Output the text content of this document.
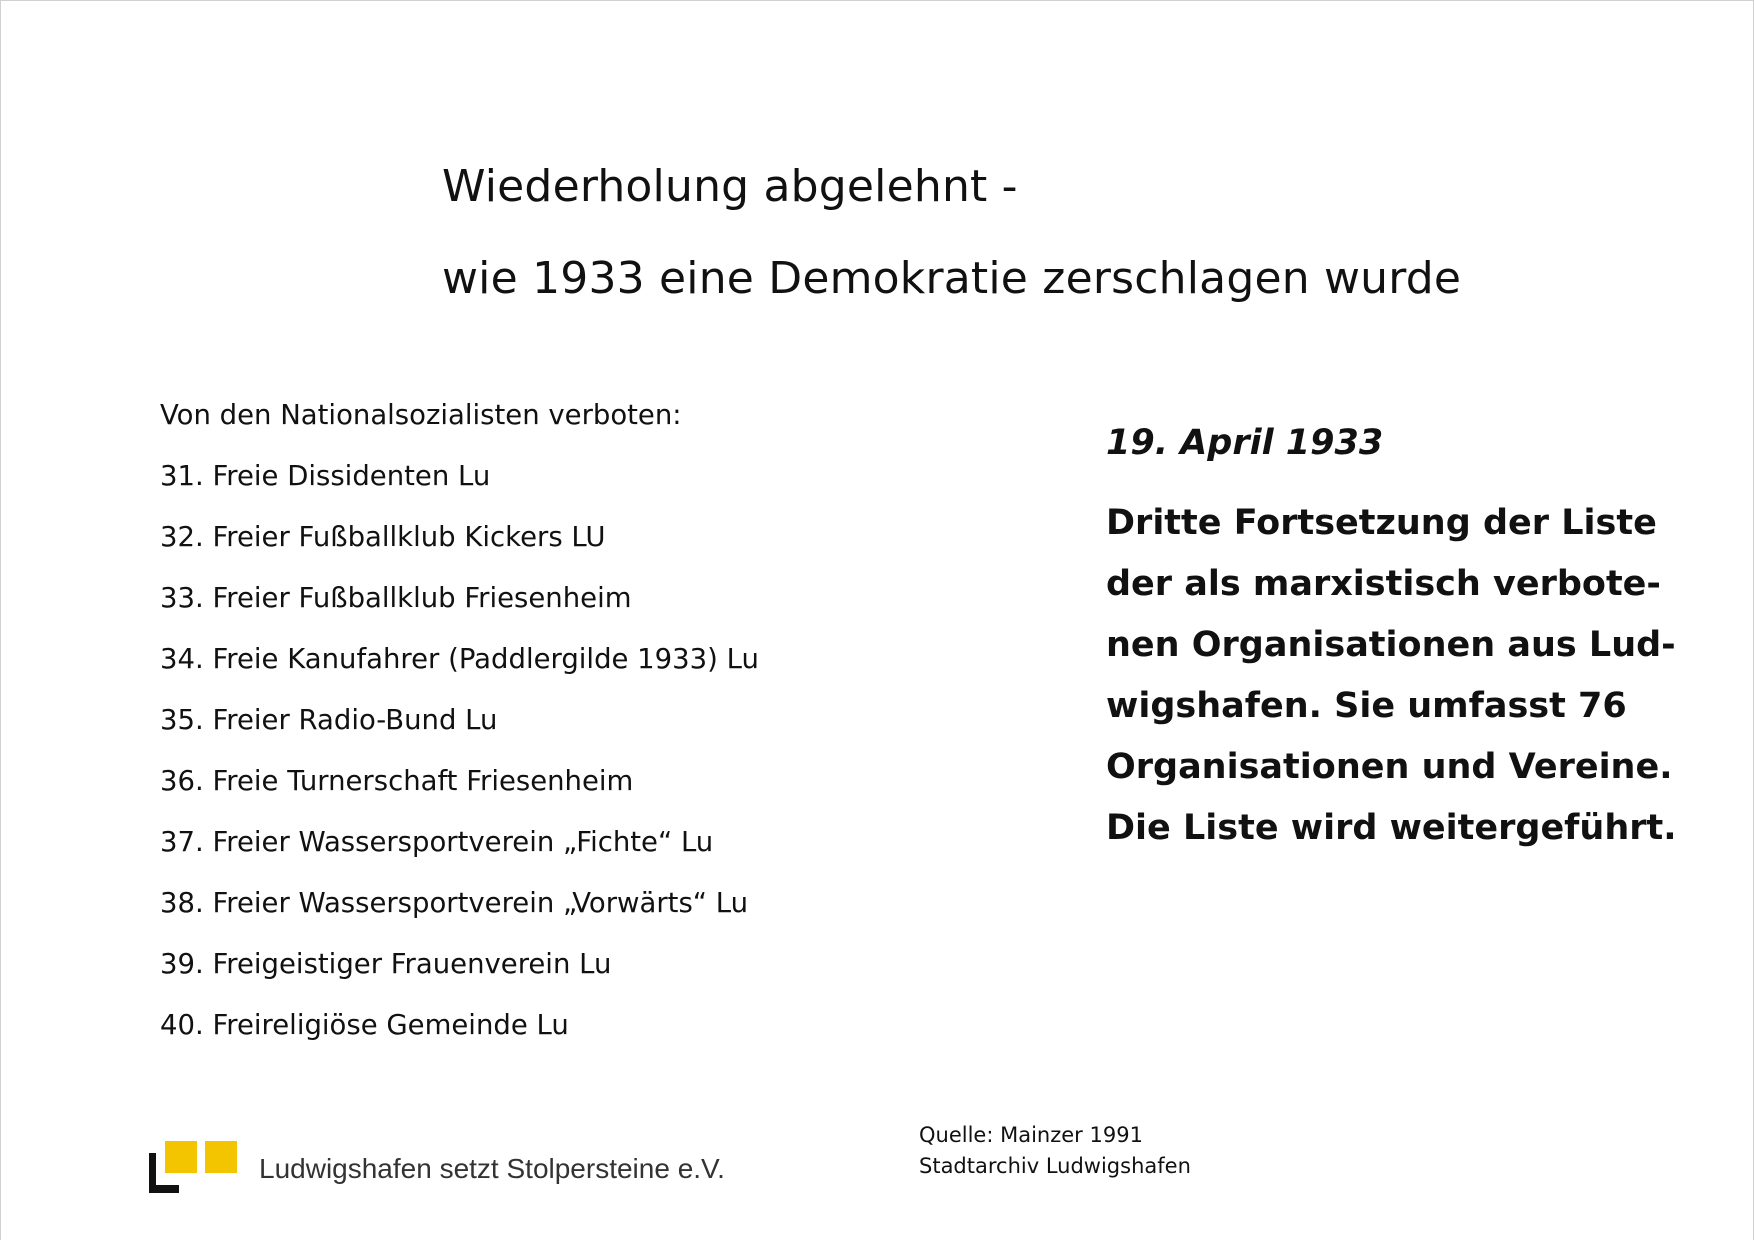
Wiederholung abgelehnt -
wie 1933 eine Demokratie zerschlagen wurde
Von den Nationalsozialisten verboten:
31. Freie Dissidenten Lu
32. Freier Fußballklub Kickers LU
33. Freier Fußballklub Friesenheim
34. Freie Kanufahrer (Paddlergilde 1933) Lu
35. Freier Radio-Bund Lu
36. Freie Turnerschaft Friesenheim
37. Freier Wassersportverein „Fichte“ Lu
38. Freier Wassersportverein „Vorwärts“ Lu
39. Freigeistiger Frauenverein Lu
40. Freireligiöse Gemeinde Lu
19. April 1933
Dritte Fortsetzung der Liste
der als marxistisch verbote-
nen Organisationen aus Lud-
wigshafen. Sie umfasst 76
Organisationen und Vereine.
Die Liste wird weitergeführt.
Ludwigshafen setzt Stolpersteine e.V.
Quelle: Mainzer 1991
Stadtarchiv Ludwigshafen
